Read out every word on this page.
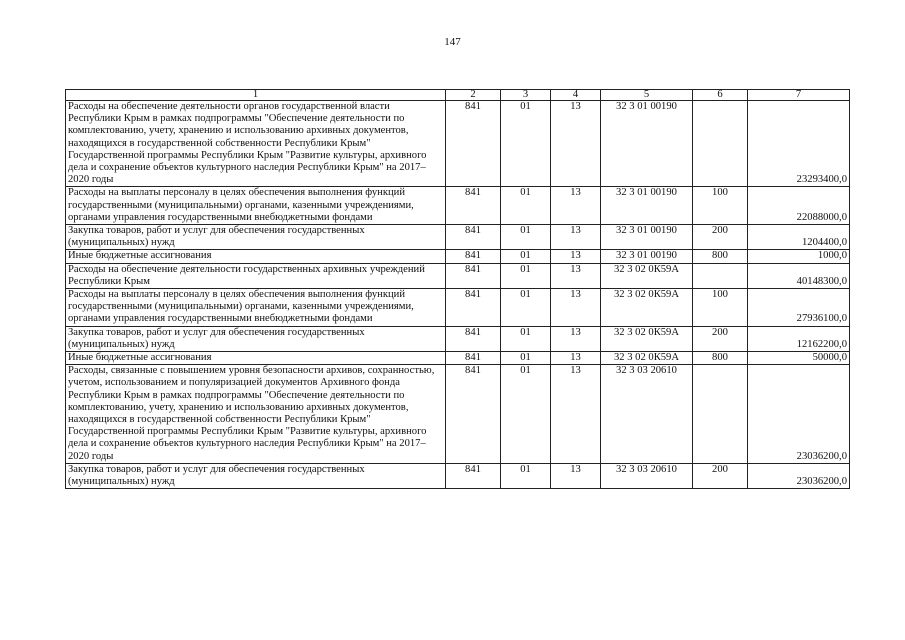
147
1	2	3	4	5	6	7
Расходы на обеспечение деятельности органов государственной власти Республики Крым в рамках подпрограммы "Обеспечение деятельности по комплектованию, учету, хранению и использованию архивных документов, находящихся в государственной собственности Республики Крым" Государственной программы Республики Крым "Развитие культуры, архивного дела и сохранение объектов культурного наследия Республики Крым" на 2017–2020 годы	841	01	13	32 3 01 00190		23293400,0
Расходы на выплаты персоналу в целях обеспечения выполнения функций государственными (муниципальными) органами, казенными учреждениями, органами управления государственными внебюджетными фондами	841	01	13	32 3 01 00190	100	22088000,0
Закупка товаров, работ и услуг для обеспечения государственных (муниципальных) нужд	841	01	13	32 3 01 00190	200	1204400,0
Иные бюджетные ассигнования	841	01	13	32 3 01 00190	800	1000,0
Расходы на обеспечение деятельности государственных архивных учреждений Республики Крым	841	01	13	32 3 02 0К59А		40148300,0
Расходы на выплаты персоналу в целях обеспечения выполнения функций государственными (муниципальными) органами, казенными учреждениями, органами управления государственными внебюджетными фондами	841	01	13	32 3 02 0К59А	100	27936100,0
Закупка товаров, работ и услуг для обеспечения государственных (муниципальных) нужд	841	01	13	32 3 02 0К59А	200	12162200,0
Иные бюджетные ассигнования	841	01	13	32 3 02 0К59А	800	50000,0
Расходы, связанные с повышением уровня безопасности архивов, сохранностью, учетом, использованием и популяризацией документов Архивного фонда Республики Крым в рамках подпрограммы "Обеспечение деятельности по комплектованию, учету, хранению и использованию архивных документов, находящихся в государственной собственности Республики Крым" Государственной программы Республики Крым "Развитие культуры, архивного дела и сохранение объектов культурного наследия Республики Крым" на 2017–2020 годы	841	01	13	32 3 03 20610		23036200,0
Закупка товаров, работ и услуг для обеспечения государственных (муниципальных) нужд	841	01	13	32 3 03 20610	200	23036200,0
